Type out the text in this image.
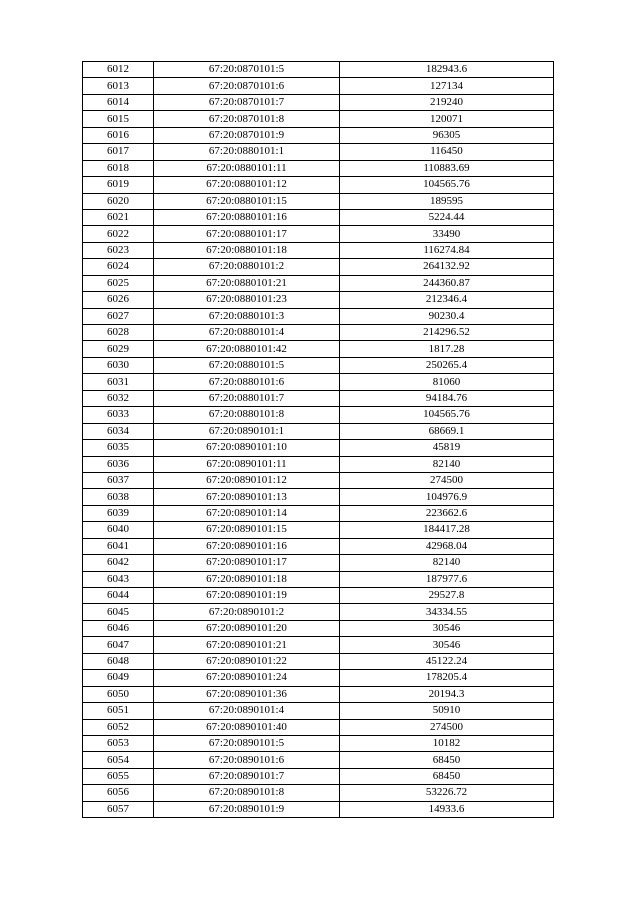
6012	67:20:0870101:5	182943.6
6013	67:20:0870101:6	127134
6014	67:20:0870101:7	219240
6015	67:20:0870101:8	120071
6016	67:20:0870101:9	96305
6017	67:20:0880101:1	116450
6018	67:20:0880101:11	110883.69
6019	67:20:0880101:12	104565.76
6020	67:20:0880101:15	189595
6021	67:20:0880101:16	5224.44
6022	67:20:0880101:17	33490
6023	67:20:0880101:18	116274.84
6024	67:20:0880101:2	264132.92
6025	67:20:0880101:21	244360.87
6026	67:20:0880101:23	212346.4
6027	67:20:0880101:3	90230.4
6028	67:20:0880101:4	214296.52
6029	67:20:0880101:42	1817.28
6030	67:20:0880101:5	250265.4
6031	67:20:0880101:6	81060
6032	67:20:0880101:7	94184.76
6033	67:20:0880101:8	104565.76
6034	67:20:0890101:1	68669.1
6035	67:20:0890101:10	45819
6036	67:20:0890101:11	82140
6037	67:20:0890101:12	274500
6038	67:20:0890101:13	104976.9
6039	67:20:0890101:14	223662.6
6040	67:20:0890101:15	184417.28
6041	67:20:0890101:16	42968.04
6042	67:20:0890101:17	82140
6043	67:20:0890101:18	187977.6
6044	67:20:0890101:19	29527.8
6045	67:20:0890101:2	34334.55
6046	67:20:0890101:20	30546
6047	67:20:0890101:21	30546
6048	67:20:0890101:22	45122.24
6049	67:20:0890101:24	178205.4
6050	67:20:0890101:36	20194.3
6051	67:20:0890101:4	50910
6052	67:20:0890101:40	274500
6053	67:20:0890101:5	10182
6054	67:20:0890101:6	68450
6055	67:20:0890101:7	68450
6056	67:20:0890101:8	53226.72
6057	67:20:0890101:9	14933.6
